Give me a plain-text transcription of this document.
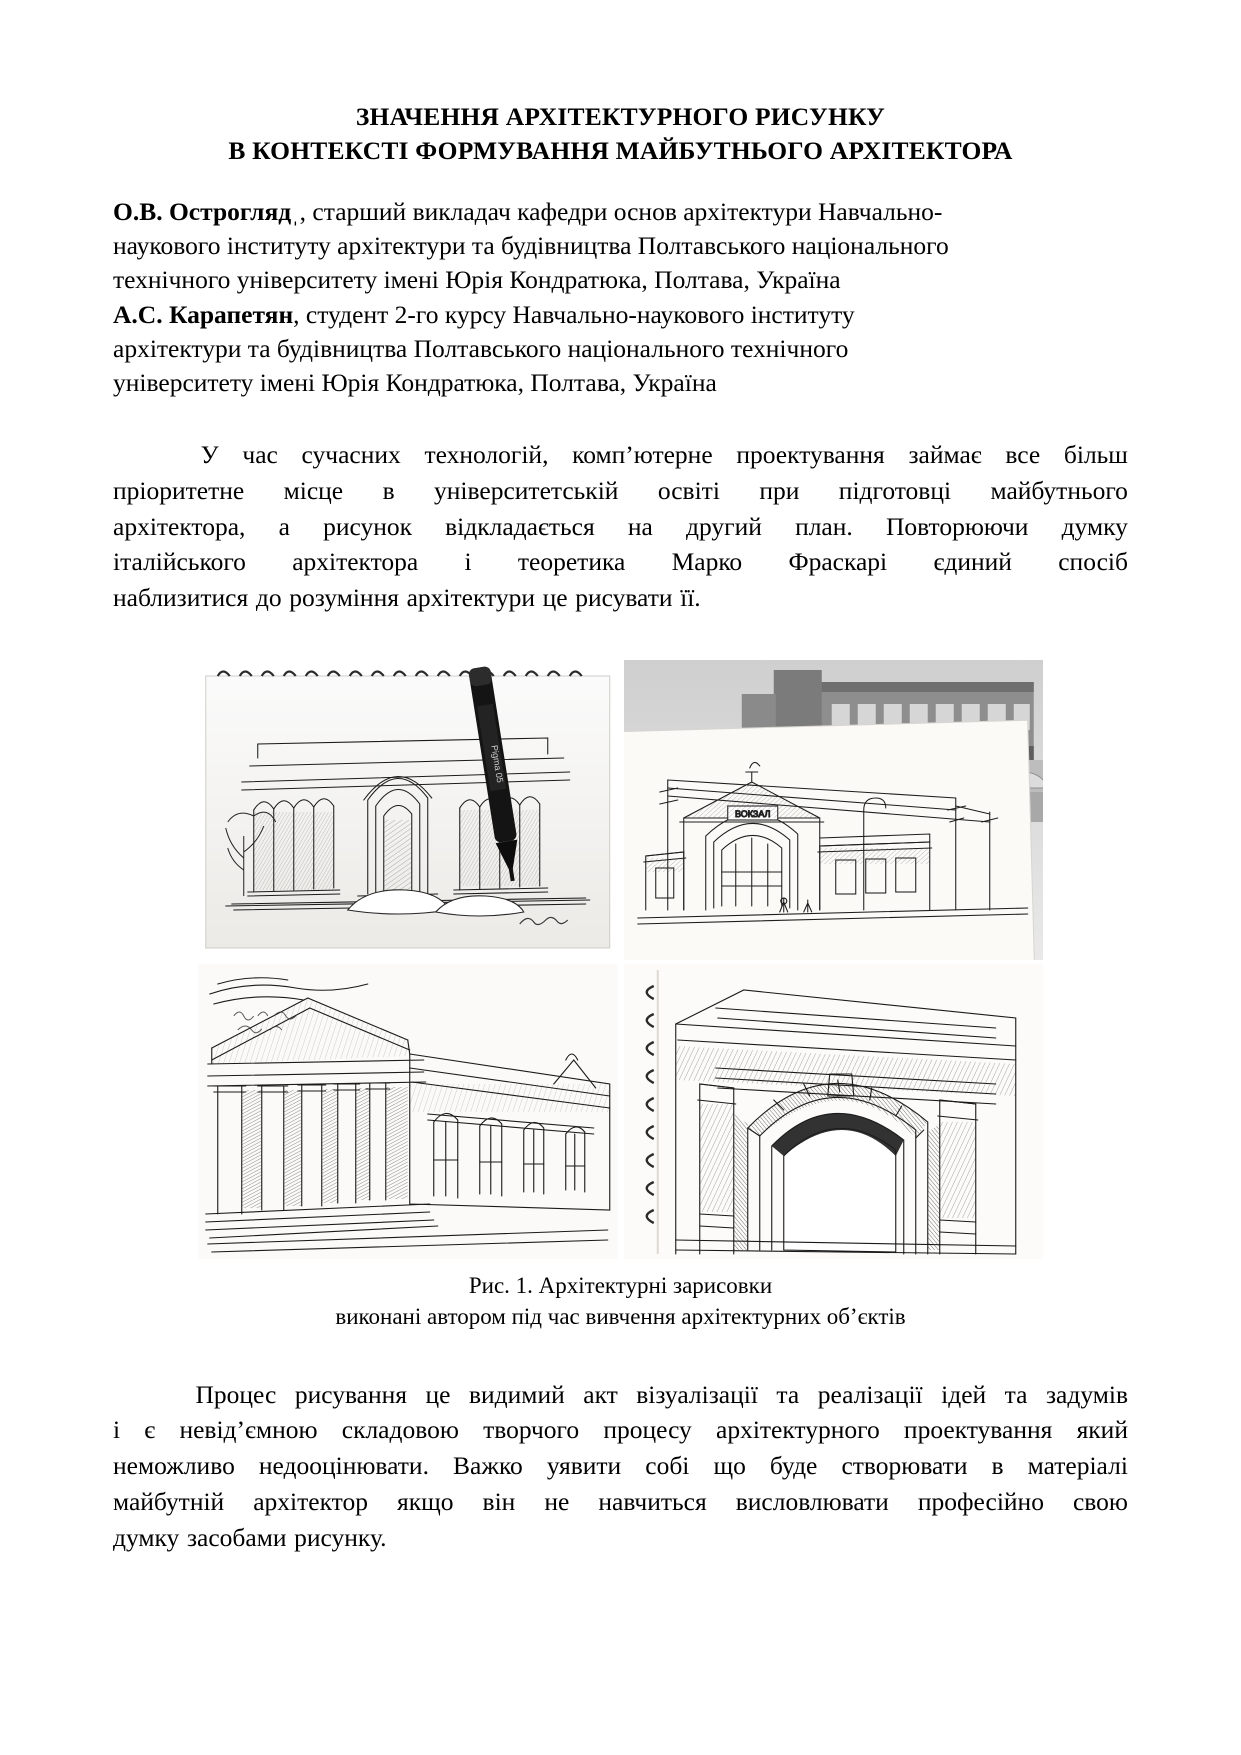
ЗНАЧЕННЯ АРХІТЕКТУРНОГО РИСУНКУ
В КОНТЕКСТІ ФОРМУВАННЯ МАЙБУТНЬОГО АРХІТЕКТОРА
О.В. Остроглядˌ, старший викладач кафедри основ архітектури Навчально-
наукового інституту архітектури та будівництва Полтавського національного
технічного університету імені Юрія Кондратюка, Полтава, Україна
А.С. Карапетян, студент 2-го курсу Навчально-наукового інституту
архітектури та будівництва Полтавського національного технічного
університету імені Юрія Кондратюка, Полтава, Україна
У час сучасних технологій, комп’ютерне проектування займає все більш
пріоритетне місце в університетській освіті при підготовці майбутнього
архітектора, а рисунок відкладається на другий план. Повторюючи думку
італійського архітектора і теоретика Марко Фраскарі єдиний спосіб
наблизитися до розуміння архітектури це рисувати її.
Pigma 05
Рис. 1. Архітектурні зарисовки
виконані автором під час вивчення архітектурних об’єктів
Процес рисування це видимий акт візуалізації та реалізації ідей та задумів
і є невід’ємною складовою творчого процесу архітектурного проектування який
неможливо недооцінювати. Важко уявити собі що буде створювати в матеріалі
майбутній архітектор якщо він не навчиться висловлювати професійно свою
думку засобами рисунку.
